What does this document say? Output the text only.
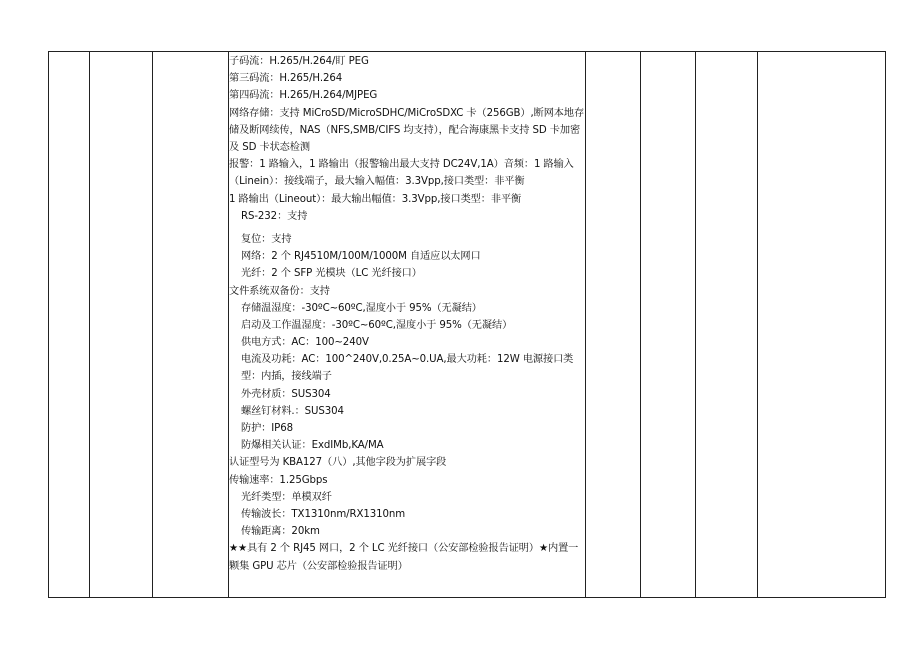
子码流：H.265/H.264/盯 PEG
第三码流：H.265/H.264
第四码流：H.265/H.264/MJPEG
网络存储：支持 MiCroSD/MicroSDHC/MiCroSDXC 卡（256GB）,断网本地存储及断网续传，NAS（NFS,SMB/CIFS 均支持），配合海康黑卡支持 SD 卡加密及 SD 卡状态检测
报警：1 路输入，1 路输出（报警输出最大支持 DC24V,1A）音频：1 路输入（Linein）：接线端子，最大输入幅值：3.3Vpp,接口类型：非平衡
1 路输出（Lineout）：最大输出幅值：3.3Vpp,接口类型：非平衡
RS-232：支持
复位：支持
网络：2 个 RJ4510M/100M/1000M 自适应以太网口
光纤：2 个 SFP 光模块（LC 光纤接口）
文件系统双备份：支持
存储温湿度：-30ºC~60ºC,湿度小于 95%（无凝结）
启动及工作温湿度：-30ºC~60ºC,湿度小于 95%（无凝结）
供电方式：AC：100~240V
电流及功耗：AC：100^240V,0.25A~0.UA,最大功耗：12W 电源接口类型：内插，接线端子
外壳材质：SUS304
螺丝钉材料.：SUS304
防护：IP68
防爆相关认证：ExdIMb,KA/MA
认证型号为 KBA127（八）,其他字段为扩展字段
传输速率：1.25Gbps
光纤类型：单模双纤
传输波长：TX1310nm/RX1310nm
传输距离：20km
★★具有 2 个 RJ45 网口，2 个 LC 光纤接口（公安部检验报告证明）★内置一颗集 GPU 芯片（公安部检验报告证明）
